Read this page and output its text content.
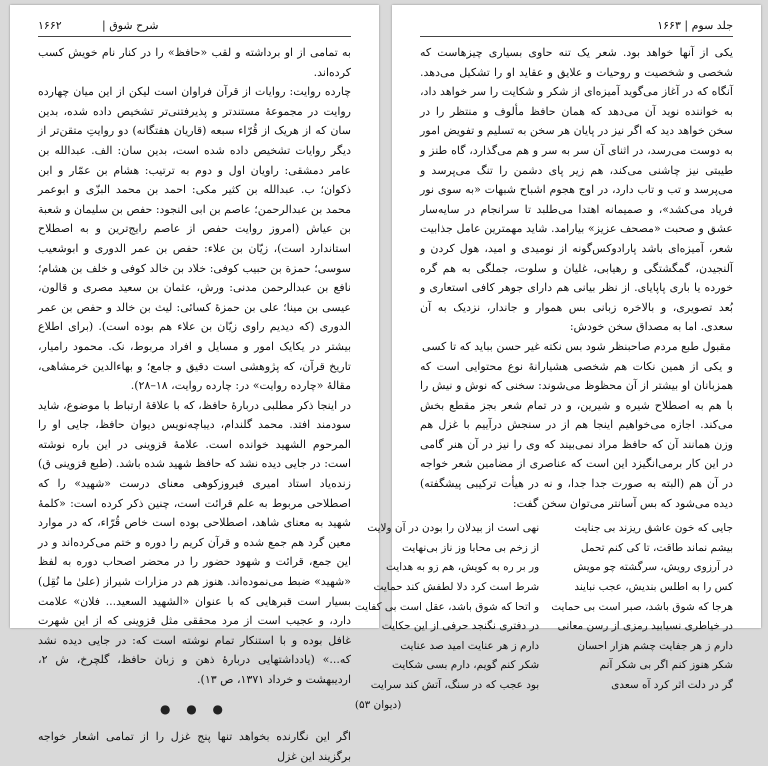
۱۶۶۲	| شرح شوق

به تمامی از او برداشته و لقب «حافظ» را در کنار نام خویش کسب کرده‌اند.

چارده روایت: روایات از قرآن فراوان است لیکن از این میان چهارده روایت در مجموعهٔ مستندتر و پذیرفتنی‌تر تشخیص داده شده، بدین سان که از هریک از قُرّاء سبعه (قاریان هفتگانه) دو روایتِ متقن‌تر از دیگر روایات تشخیص داده شده است، بدین سان: الف. عبدالله بن عامر دمشقی: راویان اول و دوم به ترتیب: هشام بن عمّار و ابن ذکوان؛ ب. عبدالله بن کثیر مکی: احمد بن محمد البزّی و ابوعمر محمد بن عبدالرحمن؛ عاصم بن ابی النجود: حفص بن سلیمان و شعبة بن عیاش (امروز روایت حفص از عاصم رایج‌ترین و به اصطلاح استاندارد است)، زیّان بن علاء: حفص بن عمر الدوری و ابوشعیب سوسی؛ حمزة بن حبیب کوفی: خلاد بن خالد کوفی و خلف بن هشام؛ نافع بن عبدالرحمن مدنی: ورش، عثمان بن سعید مصری و قالون، عیسی بن مینا؛ علی بن حمزهٔ کسائی: لیث بن خالد و حفص بن عمر الدوری (که دیدیم راوی زیّان بن علاء هم بوده است). (برای اطلاع بیشتر در یکایک امور و مسایل و افراد مربوط، نک. محمود رامیار، تاریخ قرآن، که پژوهشی است دقیق و جامع؛ و بهاءالدین خرمشاهی، مقالهٔ «چارده روایت» در: چارده روایت، ۱۸–۲۸).

در اینجا ذکر مطلبی دربارهٔ حافظ، که با علاقهٔ ارتباط با موضوع، شاید سودمند افتد. محمد گلندام، دیباچه‌نویس دیوان حافظ، جایی او را المرحوم الشهید خوانده است. علامهٔ قزوینی در این باره نوشته است: در جایی دیده نشد که حافظ شهید شده باشد. (طبع قزوینی ق) زنده‌یاد استاد امیری فیروزکوهی معنای درست «شهید» را که اصطلاحی مربوط به علم قرائت است، چنین ذکر کرده است: «کلمهٔ شهید به معنای شاهد، اصطلاحی بوده است خاص قُرّاء، که در موارد معین گرد هم جمع شده و قرآن کریم را دوره و ختم می‌کرده‌اند و در این جمع، قرائت و شهود حضور را در محضر اصحاب دوره به لفظ «شهید» ضبط می‌نموده‌اند. هنوز هم در مزارات شیراز (علیٰ ما نُقِل) بسیار است قبرهایی که با عنوان «الشهید السعید... فلان» علامت دارد، و عجیب است از مرد محققی مثل قزوینی که از این شهرت غافل بوده و با استنکار تمام نوشته است که: در جایی دیده نشد که...» (یادداشتهایی دربارهٔ ذهن و زبان حافظ، گلچرخ، ش ۲، اردیبهشت و خرداد ۱۳۷۱، ص ۱۳).

● ● ●

اگر این نگارنده بخواهد تنها پنج غزل را از تمامی اشعار خواجه برگزیند این غزل

جلد سوم | ۱۶۶۳

یکی از آنها خواهد بود. شعر یک تنه حاوی بسیاری چیزهاست که شخصی و شخصیت و روحیات و علایق و عقاید او را تشکیل می‌دهد. آنگاه که در آغاز می‌گوید آمیزه‌ای از شکر و شکایت را سر خواهد داد، به خواننده نوید آن می‌دهد که همان حافظ مألوف و منتظر را در سخن خواهد دید که اگر نیز در پایان هر سخن به تسلیم و تفویض امور به دوست می‌رسد، در اثنای آن سر به سر و هم می‌گذارد، گاه طنز و طیبتی نیز چاشنی می‌کند، هم زیر پای دشمن را تنگ می‌پرسد و می‌پرسد و تب و تاب دارد، در اوج هجوم اشباح شبهات «به سوی نور فریاد می‌کشد»، و صمیمانه اهتدا می‌طلبد تا سرانجام در سایه‌سار عشق و صحبت «مصحف عزیز» بیارامد. شاید مهمترین عامل جذابیت شعر، آمیزه‌ای باشد پارادوکس‌گونه از نومیدی و امید، هول کردن و آلنجیدن، گمگشتگی و رهیابی، غلیان و سلوت، جملگی به هم گره خورده یا باری پاپایای. از نظر بیانی هم دارای جوهر کافی استعاری و بُعد تصویری، و بالاخره زبانی بس هموار و جاندار، نزدیک به آن سعدی. اما به مصداق سخن خودش:

مقبول طبع مردم صاحبنظر شود بس نکته غیر حسن بباید که تا کسی

و یکی از همین نکات هم شخصی هشیارانهٔ نوع محتوایی است که همزبانان او بیشتر از آن محظوظ می‌شوند: سخنی که نوش و نیش را با هم به اصطلاح شیره و شیرین، و در تمام شعر بجز مقطع بخش می‌کند. اجازه می‌خواهیم اینجا هم از در سنجش درآییم با غزل هم وزن همانند آن که حافظ مراد نمی‌بیند که وی را نیز در آن هنر گامی در این کار برمی‌انگیزد این است که عناصری از مضامین شعر خواجه در آن هم (البته به صورت جدا جدا، و نه در هیأت ترکیبی پیشگفته) دیده می‌شود که بس آسانتر می‌توان سخن گفت:

جایی که خون عاشق ریزند بی جنایت
بیشم نماند طاقت، تا کی کنم تحمل
در آرزوی رویش، سرگشته چو مویش
کس را به اطلس بندیش، عجب نبایند
هرجا که شوق باشد، صبر است بی حمایت
در خیاطری نسیابید رمزی از رسن معانی
دارم ز هر جفایت چشم هزار احسان
شکر هنوز کنم اگر بی شکر آنم
گر در دلت اثر کرد آه سعدی
نهی است از بیدلان را بودن در آن ولایت
از زخم بی محابا وز ناز بی‌نهایت
ور بر ره به کویش، هم زو به هدایت
شرط است کرد دلا لطفش کند حمایت
و اتحا که شوق باشد، عقل است بی کفایت
در دفتری نگنجد حرفی از این حکایت
دارم ز هر عنایت امید صد عنایت
شکر کنم گویم، دارم بسی شکایت
بود عجب که در سنگ، آتش کند سرایت
(دیوان ۵۳)
